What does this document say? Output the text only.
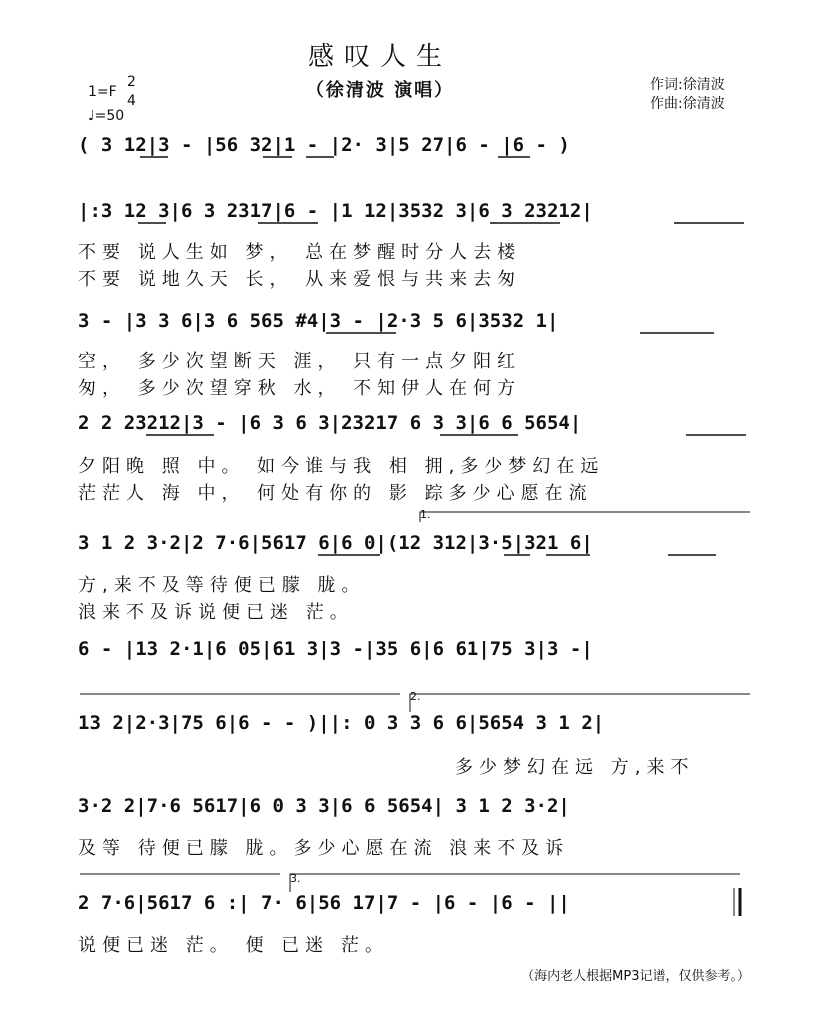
感叹人生
（徐清波 演唱）
1=F
2
4
♩=50
作词:徐清波
作曲:徐清波
( 3 12|3 - |56 32|1 - |2· 3|5 27|6 - |6 - )
|:3 12 3|6 3 2317|6 - |1 12|3532 3|6 3 23212|
不要 说人生如 梦， 总在梦醒时分人去楼
不要 说地久天 长， 从来爱恨与共来去匆
3 - |3 3 6|3 6 565 #4|3 - |2·3 5 6|3532 1|
空， 多少次望断天 涯， 只有一点夕阳红
匆， 多少次望穿秋 水， 不知伊人在何方
2 2 23212|3 - |6 3 6 3|23217 6 3 3|6 6 5654|
夕阳晚 照 中。 如今谁与我 相 拥,多少梦幻在远
茫茫人 海 中， 何处有你的 影 踪多少心愿在流
1.
3 1 2 3·2|2 7·6|5617 6|6 0|(12 312|3·5|321 6|
方,来不及等待便已朦 胧。
浪来不及诉说便已迷 茫。
6 - |13 2·1|6 05|61 3|3 -|35 6|6 61|75 3|3 -|
2.
13 2|2·3|75 6|6 - - )||: 0 3 3 6 6|5654 3 1 2|
多少梦幻在远 方,来不
3·2 2|7·6 5617|6 0 3 3|6 6 5654| 3 1 2 3·2|
及等 待便已朦 胧。多少心愿在流 浪来不及诉
3.
2 7·6|5617 6 :| 7· 6|56 17|7 - |6 - |6 - ||
说便已迷 茫。 便 已迷 茫。
（海内老人根据MP3记谱，仅供参考。）
